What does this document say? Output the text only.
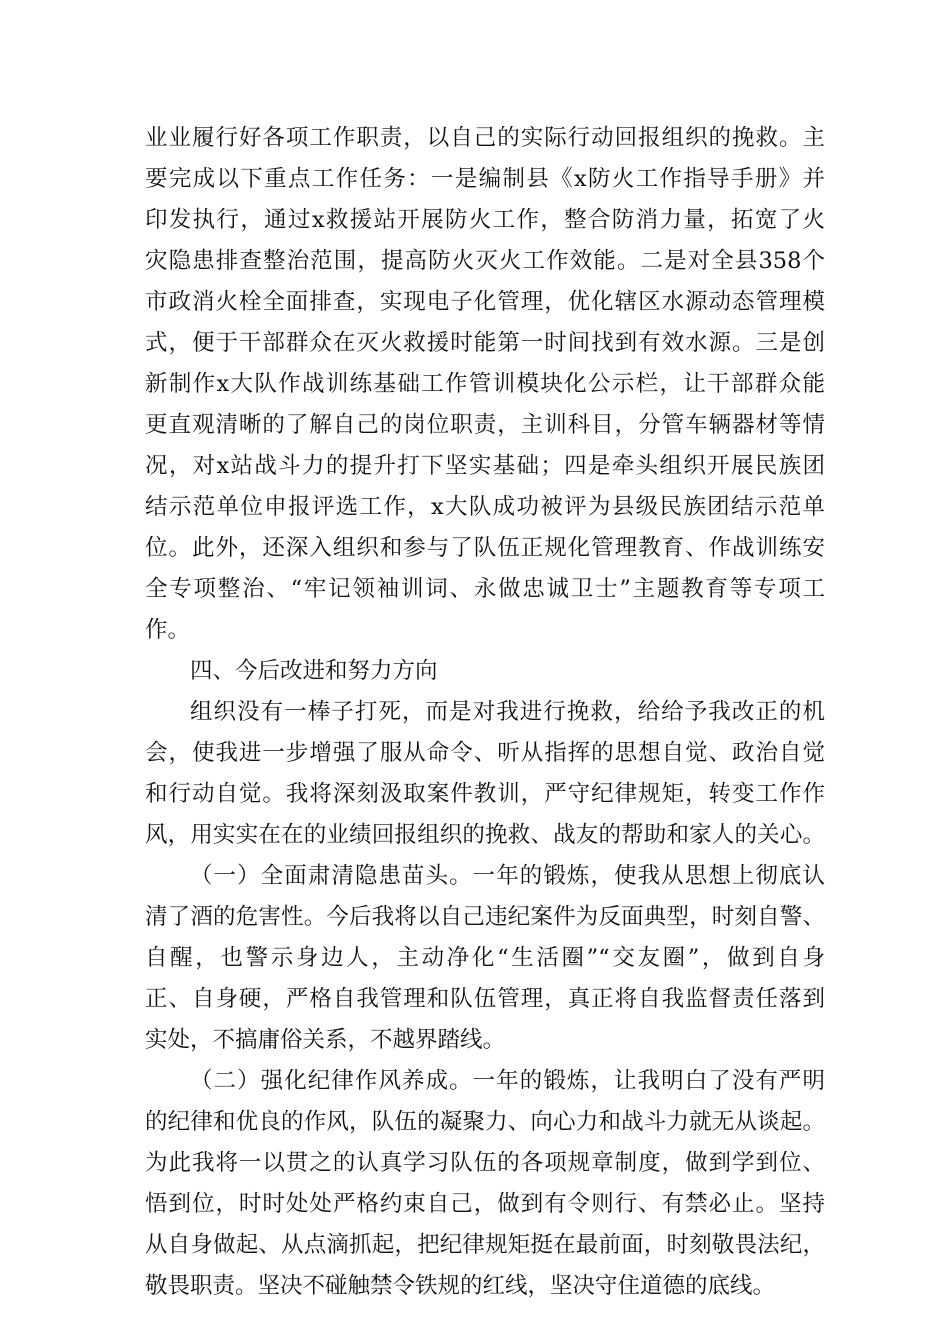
业业履行好各项工作职责，以自己的实际行动回报组织的挽救。主
要完成以下重点工作任务：一是编制县《x防火工作指导手册》并
印发执行，通过x救援站开展防火工作，整合防消力量，拓宽了火
灾隐患排查整治范围，提高防火灭火工作效能。二是对全县358个
市政消火栓全面排查，实现电子化管理，优化辖区水源动态管理模
式，便于干部群众在灭火救援时能第一时间找到有效水源。三是创
新制作x大队作战训练基础工作管训模块化公示栏，让干部群众能
更直观清晰的了解自己的岗位职责，主训科目，分管车辆器材等情
况，对x站战斗力的提升打下坚实基础；四是牵头组织开展民族团
结示范单位申报评选工作，x大队成功被评为县级民族团结示范单
位。此外，还深入组织和参与了队伍正规化管理教育、作战训练安
全专项整治、“牢记领袖训词、永做忠诚卫士”主题教育等专项工
作。
四、今后改进和努力方向
组织没有一棒子打死，而是对我进行挽救，给给予我改正的机
会，使我进一步增强了服从命令、听从指挥的思想自觉、政治自觉
和行动自觉。我将深刻汲取案件教训，严守纪律规矩，转变工作作
风，用实实在在的业绩回报组织的挽救、战友的帮助和家人的关心。
（一）全面肃清隐患苗头。一年的锻炼，使我从思想上彻底认
清了酒的危害性。今后我将以自己违纪案件为反面典型，时刻自警、
自醒，也警示身边人，主动净化“生活圈”“交友圈”，做到自身
正、自身硬，严格自我管理和队伍管理，真正将自我监督责任落到
实处，不搞庸俗关系，不越界踏线。
（二）强化纪律作风养成。一年的锻炼，让我明白了没有严明
的纪律和优良的作风，队伍的凝聚力、向心力和战斗力就无从谈起。
为此我将一以贯之的认真学习队伍的各项规章制度，做到学到位、
悟到位，时时处处严格约束自己，做到有令则行、有禁必止。坚持
从自身做起、从点滴抓起，把纪律规矩挺在最前面，时刻敬畏法纪，
敬畏职责。坚决不碰触禁令铁规的红线，坚决守住道德的底线。
